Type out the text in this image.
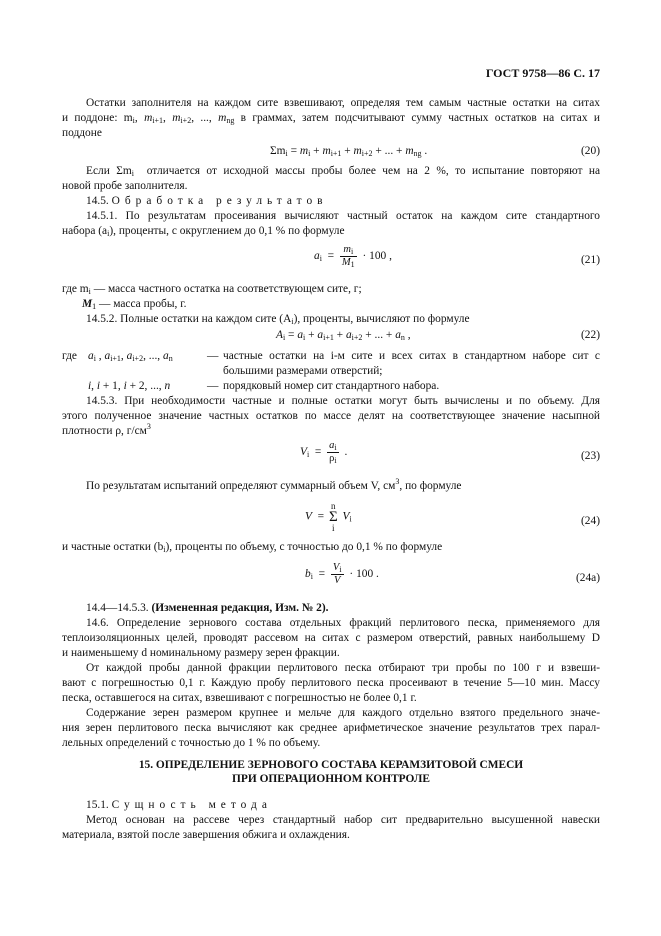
ГОСТ 9758—86 С. 17
Остатки заполнителя на каждом сите взвешивают, определяя тем самым частные остатки на ситах
и поддоне: $m_i$, $m_{i+1}$, $m_{i+2}$, ..., $m_{ng}$ в граммах, затем подсчитывают сумму частных остатков на ситах и
поддоне
$\Sigma m_i = m_i + m_{i+1} + m_{i+2}$ + ... + $m_{ng}$ .	(20)
Если $\Sigma m_i$ отличается от исходной массы пробы более чем на 2 %, то испытание повторяют на
новой пробе заполнителя.
14.5. Обработка результатов
14.5.1. По результатам просеивания вычисляют частный остаток на каждом сите стандартного
набора $(a_i)$, проценты, с округлением до 0,1 % по формуле
$a_i = \frac{m_i}{M_1} \cdot 100$ ,	(21)
где $m_i$ — масса частного остатка на соответствующем сите, г;
$M_1$ — масса пробы, г.
14.5.2. Полные остатки на каждом сите $(A_i)$, проценты, вычисляют по формуле
$A_i = a_i + a_{i+1} + a_{i+2}$ + ... + $a_n$ ,	(22)
где $a_i$ , $a_{i+1}$, $a_{i+2}$, ..., $a_n$	— частные остатки на i-м сите и всех ситах в стандартном наборе сит с
большими размерами отверстий;
i, i + 1, i + 2, ..., n	— порядковый номер сит стандартного набора.
14.5.3. При необходимости частные и полные остатки могут быть вычислены и по объему. Для
этого полученное значение частных остатков по массе делят на соответствующее значение насыпной
плотности ρ, $г/см^3$
$V_i = \frac{a_i}{\rho_i}$ .	(23)
По результатам испытаний определяют суммарный объем V, $см^3$, по формуле
V  = n
Σ
i $V_i$	(24)
и частные остатки $(b_i)$, проценты по объему, с точностью до 0,1 % по формуле
$b_i = \frac{V_i}{V} \cdot 100$ .	(24а)
14.4—14.5.3. (Измененная редакция, Изм. № 2).
14.6. Определение зернового состава отдельных фракций перлитового песка, применяемого для
теплоизоляционных целей, проводят рассевом на ситах с размером отверстий, равных наибольшему D
и наименьшему d номинальному размеру зерен фракции.
От каждой пробы данной фракции перлитового песка отбирают три пробы по 100 г и взвеши-
вают с погрешностью 0,1 г. Каждую пробу перлитового песка просеивают в течение 5—10 мин. Массу
песка, оставшегося на ситах, взвешивают с погрешностью не более 0,1 г.
Содержание зерен размером крупнее и мельче для каждого отдельно взятого предельного значе-
ния зерен перлитового песка вычисляют как среднее арифметическое значение результатов трех парал-
лельных определений с точностью до 1 % по объему.
15. ОПРЕДЕЛЕНИЕ ЗЕРНОВОГО СОСТАВА КЕРАМЗИТОВОЙ СМЕСИ
ПРИ ОПЕРАЦИОННОМ КОНТРОЛЕ
15.1. Сущность метода
Метод основан на рассеве через стандартный набор сит предварительно высушенной навески
материала, взятой после завершения обжига и охлаждения.
